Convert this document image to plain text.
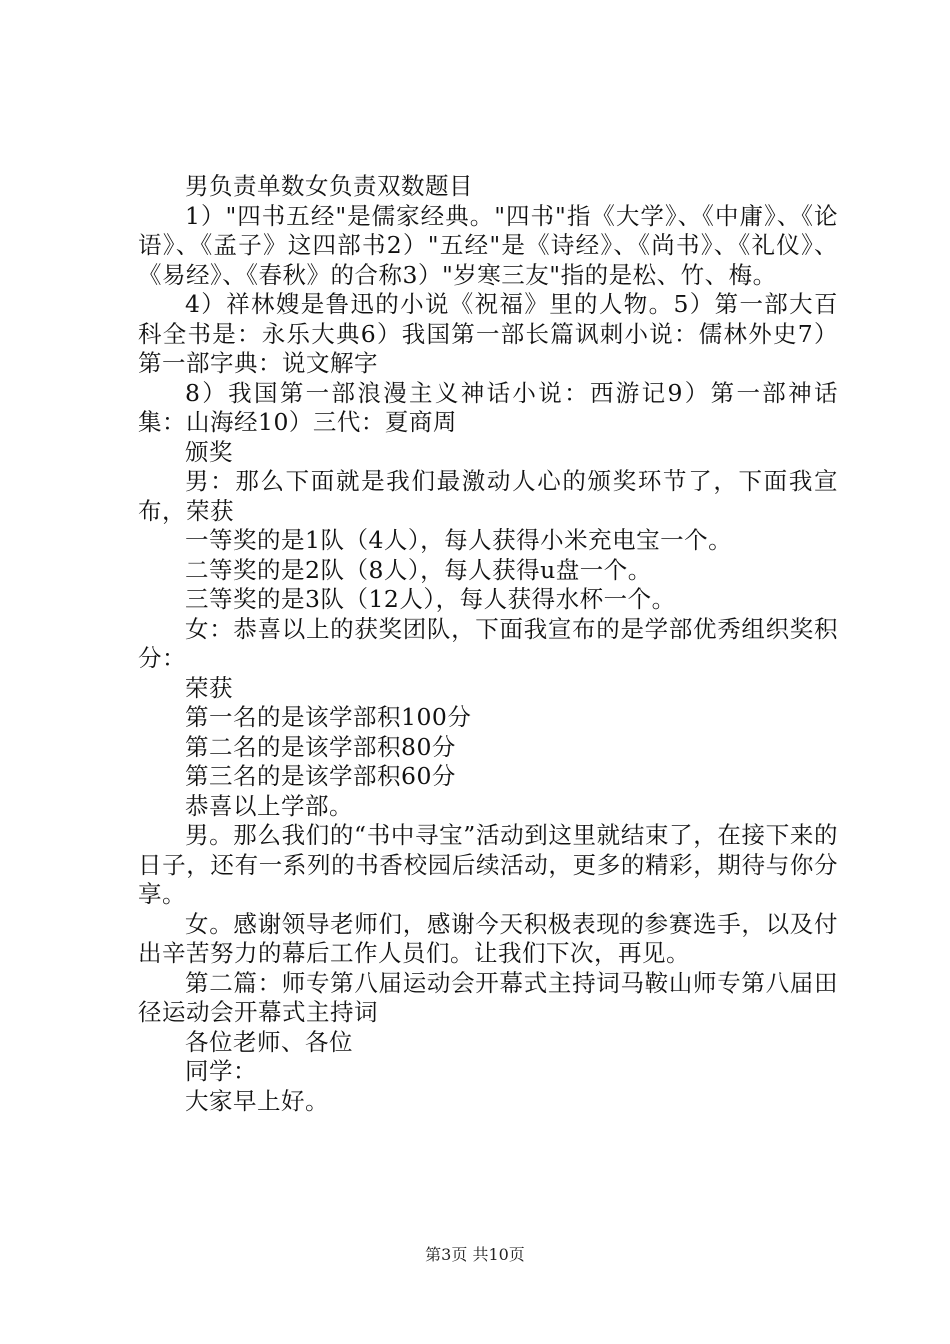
男负责单数女负责双数题目

1）"四书五经"是儒家经典。"四书"指《大学》、《中庸》、《论语》、《孟子》这四部书2）"五经"是《诗经》、《尚书》、《礼仪》、《易经》、《春秋》的合称3）"岁寒三友"指的是松、竹、梅。

4）祥林嫂是鲁迅的小说《祝福》里的人物。5）第一部大百科全书是：永乐大典6）我国第一部长篇讽刺小说：儒林外史7）第一部字典：说文解字

8）我国第一部浪漫主义神话小说：西游记9）第一部神话集：山海经10）三代：夏商周

颁奖

男：那么下面就是我们最激动人心的颁奖环节了，下面我宣布，荣获

一等奖的是1队（4人），每人获得小米充电宝一个。

二等奖的是2队（8人），每人获得u盘一个。

三等奖的是3队（12人），每人获得水杯一个。

女：恭喜以上的获奖团队，下面我宣布的是学部优秀组织奖积分：

荣获

第一名的是该学部积100分

第二名的是该学部积80分

第三名的是该学部积60分

恭喜以上学部。

男。那么我们的“书中寻宝”活动到这里就结束了，在接下来的日子，还有一系列的书香校园后续活动，更多的精彩，期待与你分享。

女。感谢领导老师们，感谢今天积极表现的参赛选手，以及付出辛苦努力的幕后工作人员们。让我们下次，再见。

第二篇：师专第八届运动会开幕式主持词马鞍山师专第八届田径运动会开幕式主持词

各位老师、各位

同学：

大家早上好。

第3页 共10页
